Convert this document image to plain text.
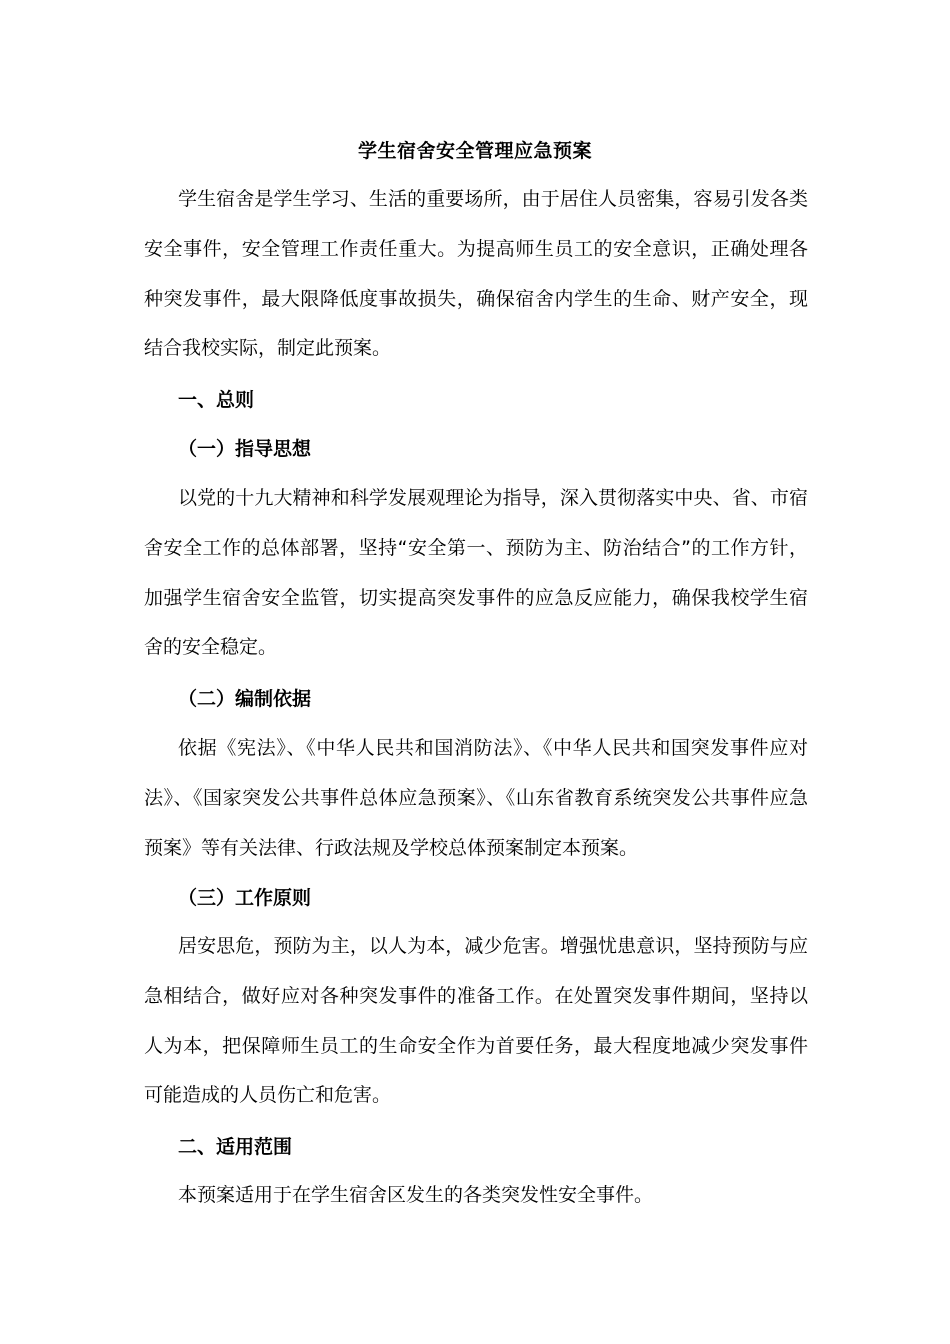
学生宿舍安全管理应急预案

学生宿舍是学生学习、生活的重要场所，由于居住人员密集，容易引发各类安全事件，安全管理工作责任重大。为提高师生员工的安全意识，正确处理各种突发事件，最大限降低度事故损失，确保宿舍内学生的生命、财产安全，现结合我校实际，制定此预案。

一、总则
（一）指导思想

以党的十九大精神和科学发展观理论为指导，深入贯彻落实中央、省、市宿舍安全工作的总体部署，坚持“安全第一、预防为主、防治结合”的工作方针，加强学生宿舍安全监管，切实提高突发事件的应急反应能力，确保我校学生宿舍的安全稳定。

（二）编制依据

依据《宪法》、《中华人民共和国消防法》、《中华人民共和国突发事件应对法》、《国家突发公共事件总体应急预案》、《山东省教育系统突发公共事件应急预案》等有关法律、行政法规及学校总体预案制定本预案。

（三）工作原则

居安思危，预防为主，以人为本，减少危害。增强忧患意识，坚持预防与应急相结合，做好应对各种突发事件的准备工作。在处置突发事件期间，坚持以人为本，把保障师生员工的生命安全作为首要任务，最大程度地减少突发事件可能造成的人员伤亡和危害。

二、适用范围

本预案适用于在学生宿舍区发生的各类突发性安全事件。
